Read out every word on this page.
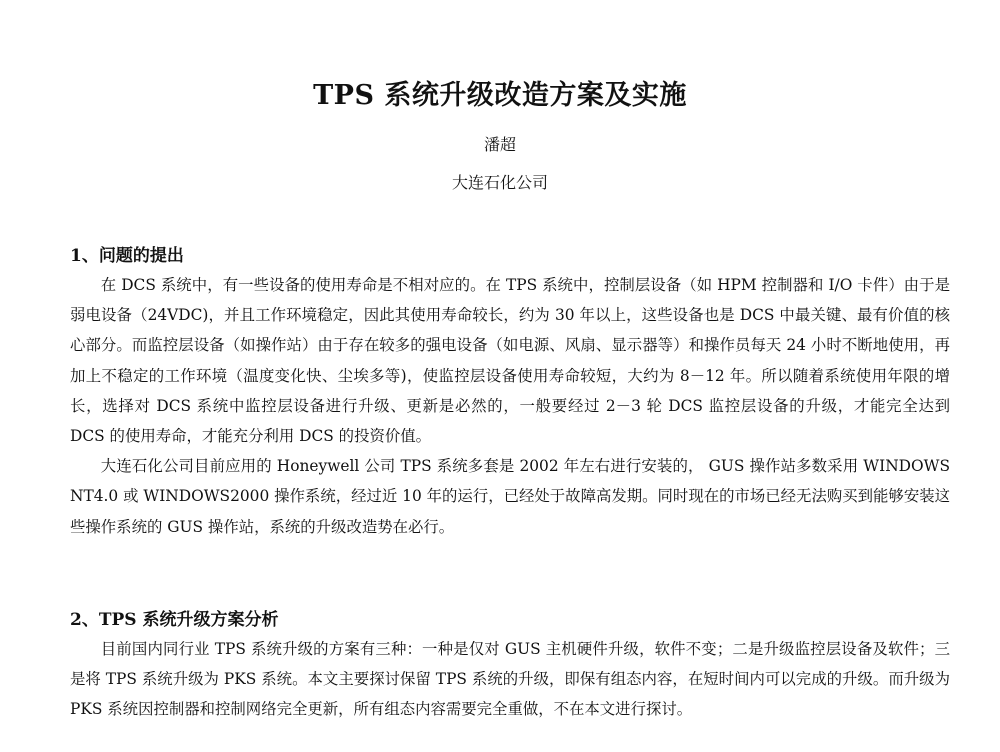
TPS 系统升级改造方案及实施

潘超

大连石化公司

1、问题的提出

在 DCS 系统中，有一些设备的使用寿命是不相对应的。在 TPS 系统中，控制层设备（如 HPM 控制器和 I/O 卡件）由于是弱电设备（24VDC)，并且工作环境稳定，因此其使用寿命较长，约为 30 年以上，这些设备也是 DCS 中最关键、最有价值的核心部分。而监控层设备（如操作站）由于存在较多的强电设备（如电源、风扇、显示器等）和操作员每天 24 小时不断地使用，再加上不稳定的工作环境（温度变化快、尘埃多等)，使监控层设备使用寿命较短，大约为 8－12 年。所以随着系统使用年限的增长，选择对 DCS 系统中监控层设备进行升级、更新是必然的，一般要经过 2－3 轮 DCS 监控层设备的升级，才能完全达到 DCS 的使用寿命，才能充分利用 DCS 的投资价值。

大连石化公司目前应用的 Honeywell 公司 TPS 系统多套是 2002 年左右进行安装的， GUS 操作站多数采用 WINDOWS NT4.0 或 WINDOWS2000 操作系统，经过近 10 年的运行，已经处于故障高发期。同时现在的市场已经无法购买到能够安装这些操作系统的 GUS 操作站，系统的升级改造势在必行。

2、TPS 系统升级方案分析

目前国内同行业 TPS 系统升级的方案有三种：一种是仅对 GUS 主机硬件升级，软件不变；二是升级监控层设备及软件；三是将 TPS 系统升级为 PKS 系统。本文主要探讨保留 TPS 系统的升级，即保有组态内容，在短时间内可以完成的升级。而升级为 PKS 系统因控制器和控制网络完全更新，所有组态内容需要完全重做，不在本文进行探讨。
